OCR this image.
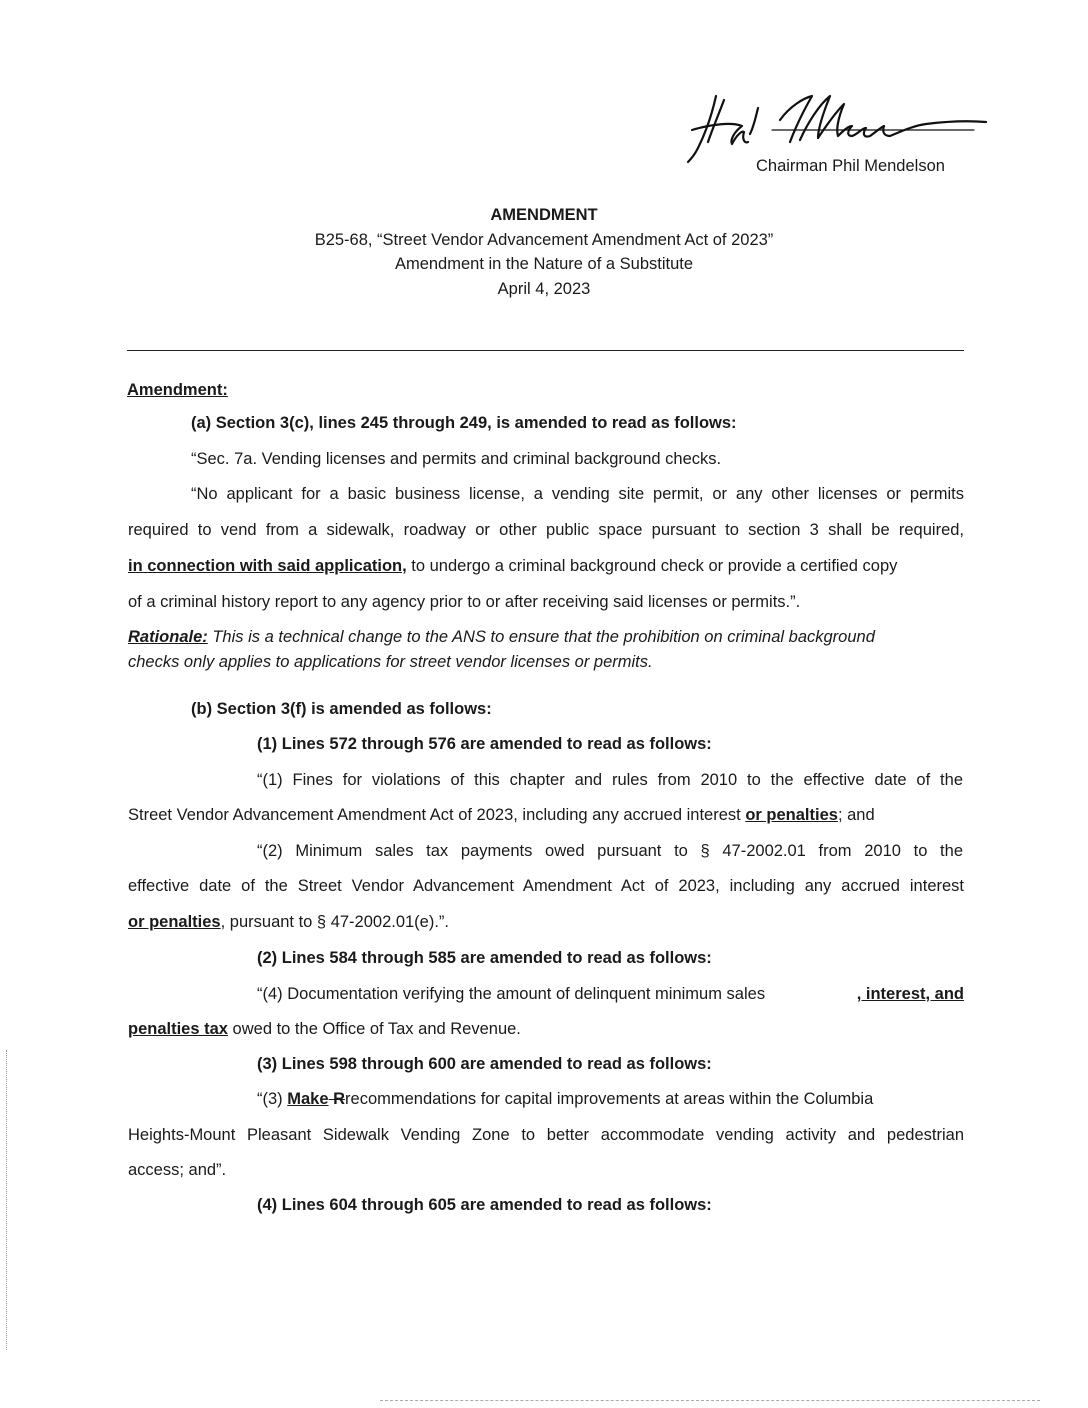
Chairman Phil Mendelson
AMENDMENT
B25-68, “Street Vendor Advancement Amendment Act of 2023”
Amendment in the Nature of a Substitute
April 4, 2023
Amendment:
(a) Section 3(c), lines 245 through 249, is amended to read as follows:
“Sec. 7a. Vending licenses and permits and criminal background checks.
“No applicant for a basic business license, a vending site permit, or any other licenses or permits
required to vend from a sidewalk, roadway or other public space pursuant to section 3 shall be required,
in connection with said application, to undergo a criminal background check or provide a certified copy
of a criminal history report to any agency prior to or after receiving said licenses or permits.”.
Rationale: This is a technical change to the ANS to ensure that the prohibition on criminal background
checks only applies to applications for street vendor licenses or permits.
(b) Section 3(f) is amended as follows:
(1) Lines 572 through 576 are amended to read as follows:
“(1) Fines for violations of this chapter and rules from 2010 to the effective date of the
Street Vendor Advancement Amendment Act of 2023, including any accrued interest or penalties; and
“(2) Minimum sales tax payments owed pursuant to § 47-2002.01 from 2010 to the
effective date of the Street Vendor Advancement Amendment Act of 2023, including any accrued interest
or penalties, pursuant to § 47-2002.01(e).”.
(2) Lines 584 through 585 are amended to read as follows:
“(4) Documentation verifying the amount of delinquent minimum sales	, interest, and
penalties tax owed to the Office of Tax and Revenue.
(3) Lines 598 through 600 are amended to read as follows:
“(3) Make Rrecommendations for capital improvements at areas within the Columbia
Heights-Mount Pleasant Sidewalk Vending Zone to better accommodate vending activity and pedestrian
access; and”.
(4) Lines 604 through 605 are amended to read as follows:
